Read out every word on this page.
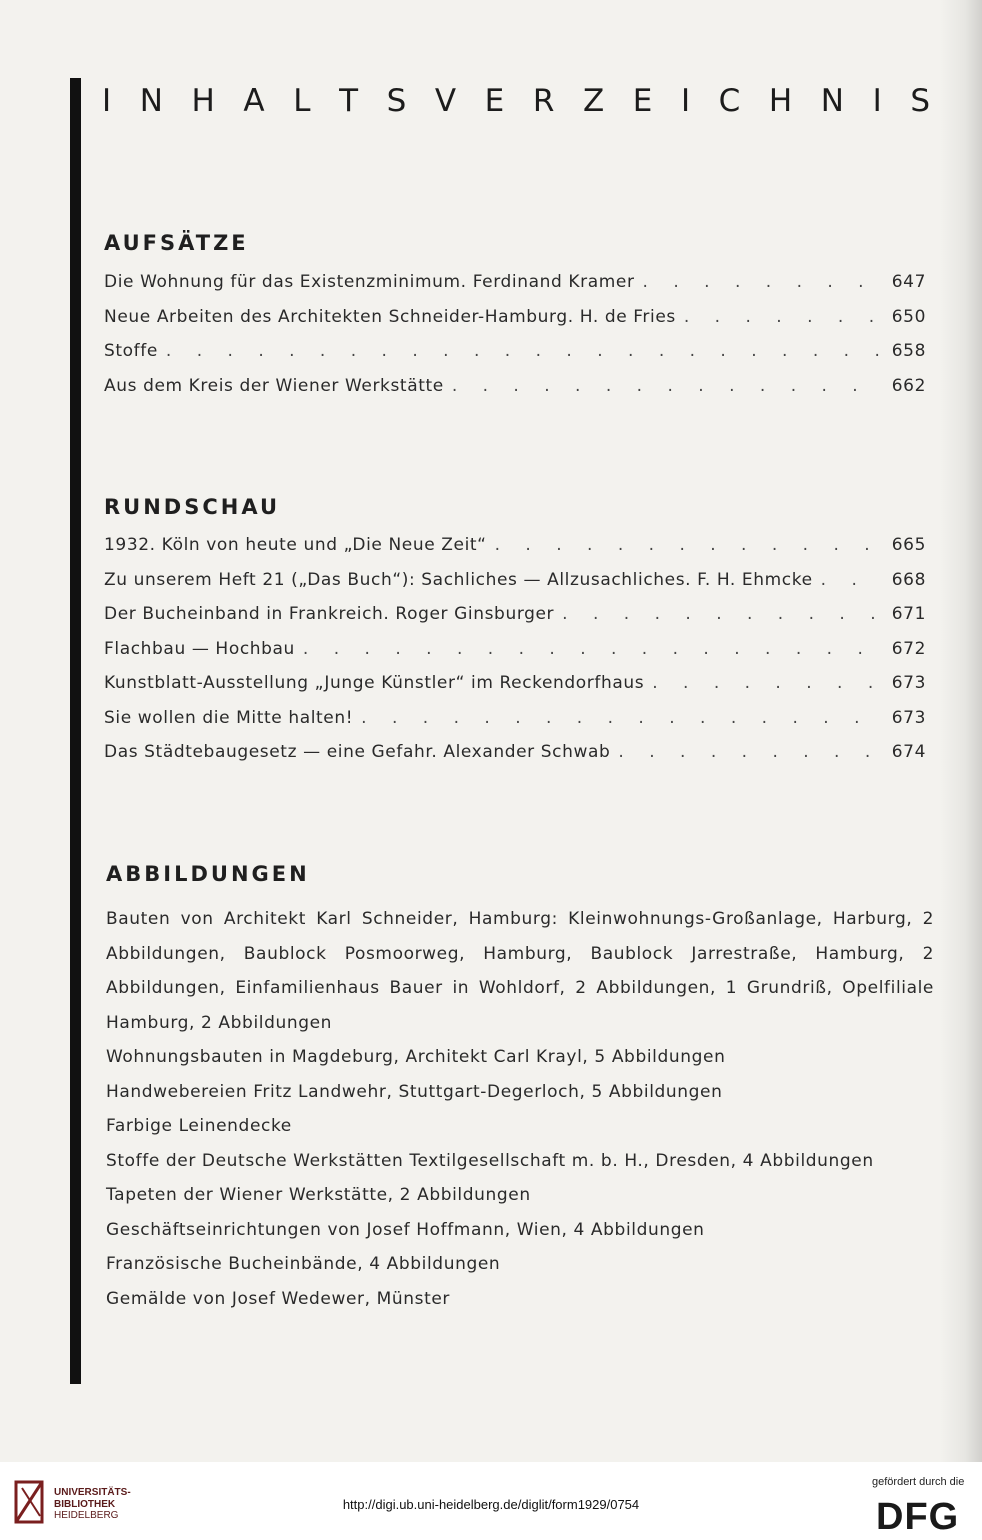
I N H A L T S V E R Z E I C H N I S
AUFSÄTZE
Die Wohnung für das Existenzminimum. Ferdinand Kramer . . .	647
Neue Arbeiten des Architekten Schneider-Hamburg. H. de Fries . . .	650
Stoffe . . .	658
Aus dem Kreis der Wiener Werkstätte . . .	662
RUNDSCHAU
1932. Köln von heute und „Die Neue Zeit“ . . .	665
Zu unserem Heft 21 („Das Buch“): Sachliches — Allzusachliches. F. H. Ehmcke . . .	668
Der Bucheinband in Frankreich. Roger Ginsburger . . .	671
Flachbau — Hochbau . . .	672
Kunstblatt-Ausstellung „Junge Künstler“ im Reckendorfhaus . . .	673
Sie wollen die Mitte halten! . . .	673
Das Städtebaugesetz — eine Gefahr. Alexander Schwab . . .	674
ABBILDUNGEN
Bauten von Architekt Karl Schneider, Hamburg: Kleinwohnungs-Großanlage, Harburg, 2 Abbildungen, Baublock Posmoorweg, Hamburg, Baublock Jarrestraße, Hamburg, 2 Abbildungen, Einfamilienhaus Bauer in Wohldorf, 2 Abbildungen, 1 Grundriß, Opelfiliale Hamburg, 2 Abbildungen
Wohnungsbauten in Magdeburg, Architekt Carl Krayl, 5 Abbildungen
Handwebereien Fritz Landwehr, Stuttgart-Degerloch, 5 Abbildungen
Farbige Leinendecke
Stoffe der Deutsche Werkstätten Textilgesellschaft m. b. H., Dresden, 4 Abbildungen
Tapeten der Wiener Werkstätte, 2 Abbildungen
Geschäftseinrichtungen von Josef Hoffmann, Wien, 4 Abbildungen
Französische Bucheinbände, 4 Abbildungen
Gemälde von Josef Wedewer, Münster
UNIVERSITÄTS-
BIBLIOTHEK
HEIDELBERG
http://digi.ub.uni-heidelberg.de/diglit/form1929/0754
gefördert durch die
DFG
